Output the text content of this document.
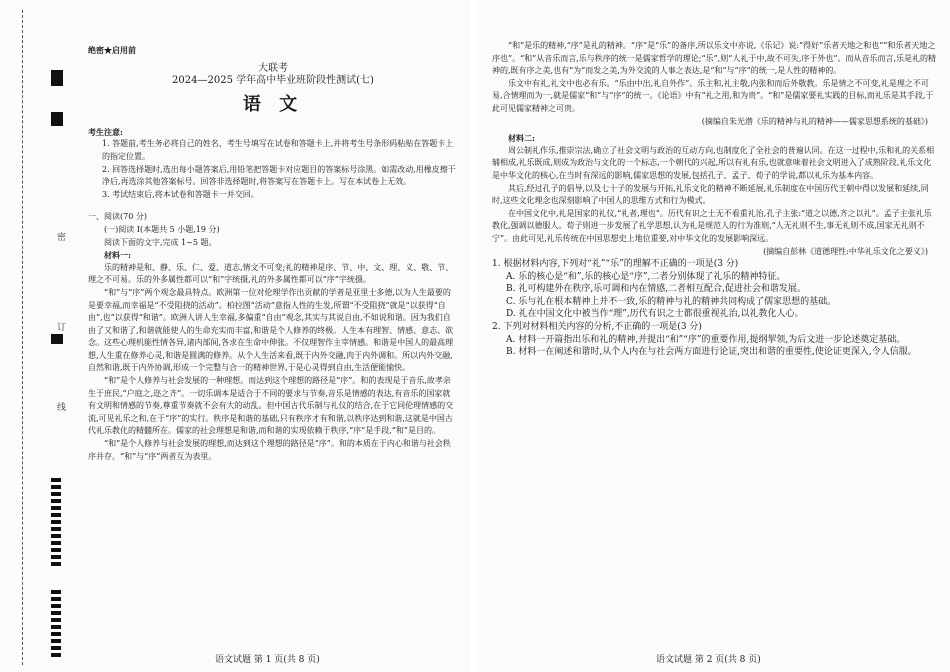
密
订
线

绝密★启用前

大联考

2024—2025 学年高中毕业班阶段性测试(七)

语 文

考生注意:

1. 答题前,考生务必将自己的姓名、考生号填写在试卷和答题卡上,并将考生号条形码粘贴在答题卡上的指定位置。

2. 回答选择题时,选出每小题答案后,用铅笔把答题卡对应题目的答案标号涂黑。如需改动,用橡皮擦干净后,再选涂其他答案标号。回答非选择题时,将答案写在答题卡上。写在本试卷上无效。

3. 考试结束后,将本试卷和答题卡一并交回。

一、阅读(70 分)

(一)阅读 I(本题共 5 小题,19 分)

阅读下面的文字,完成 1~5 题。

材料一:

乐的精神是和、静、乐、仁、爱、道志,情文不可变;礼的精神是序、节、中、文、理、义、敬、节、理之不可易。乐的外多属性都可以“和”字统摄,礼的外多属性都可以“序”字统摄。

“和”与“序”两个观念最具特点。欧洲第一位对伦理学作出贡献的学者是亚里士多德,以为人生最要的是要幸福,而幸福是“不受阻挠的活动”。柏拉图“活动”意指人性的生发,所谓“不受阻挠”就是“以获得“自由”,也“以获得“和谐”。欧洲人讲人生幸福,多偏重“自由”观念,其实与其说自由,不如说和谐。因为我们自由了又和谐了,和谐就能使人的生命充实而丰富,和谐是个人修养的终极。人生本有理智、情感、意志、欲念。这些心理机能性情各异,诸内部间,各求在生命中伸张。不仅理智作主宰情感。和谐是中国人的最高理想,人生重在修养心灵,和谐是圆满的修养。从个人生活来看,既于内外交融,肉于内外调和。所以内外交融,自然和谐,既于内外协调,形成一个完整与合一的精神世界,于是心灵得到自由,生活便能愉快。

“和”是个人修养与社会发展的一种理想。而达到这个理想的路径是“序”。和的表现是于音乐,故孝亲生于庶民,“户庭之,迩之齐”。一切乐调本是适合于不同的要求与节奏,音乐是情感的表达,有音乐的国家就有文明和情感的节奏,尊重节奏就不会有大的动乱。但中国古代乐制与礼仪的结合,在于它同伦理情感的交流,可见礼乐之和,在于“序”的实行。秩序是和谐的基础,只有秩序才有和谐,以秩序达到和谐,这就是中国古代礼乐教化的精髓所在。儒家的社会理想是和谐,而和谐的实现依赖于秩序,“序”是手段,“和”是目的。

“和”是个人修养与社会发展的理想,而达到这个理想的路径是“序”。和的本质在于内心和谐与社会秩序并存。“和”与“序”两者互为表里。

语文试题 第 1 页(共 8 页)

“和”是乐的精神,“序”是礼的精神。“序”是“乐”的备序,所以乐文中亦说,《乐记》说:“得好”乐者天地之和也”“和乐者天地之序也”。“和”从音乐而言,乐与秩序的统一是儒家哲学的理论;“乐”,则“人礼于中,故不可失,序于外也”。而从音乐而言,乐是礼的精神的,既有序之美,也有“为”而发之美,为外交流的人事之表达,是“和”与“序”的统一,是人性的精神的。

乐文中有礼,礼文中也必有乐。“乐由中出,礼自外作”。乐主和,礼主敬,内张和而后外敬教。乐是情之不可变,礼是理之不可易,合情理而为一,就是儒家“和”与“序”的统一。《论语》中有“礼之用,和为贵”。“和”是儒家要礼实践的目标,而礼乐是其手段,于此可见儒家精神之可贵。

(摘编自朱光潜《乐的精神与礼的精神——儒家思想系统的基础》)

材料二:

周公制礼作乐,推崇宗法,确立了社会文明与政治的互动方向,也制度化了全社会的普遍认同。在这一过程中,乐和礼的关系相辅相成,礼乐既成,则成为政治与文化的一个标志,一个朝代的兴起,所以有礼有乐,也就意味着社会文明进入了成熟阶段,礼乐文化是中华文化的核心,在当时有深远的影响,儒家思想的发展,包括孔子、孟子、荀子的学说,都以礼乐为基本内容。

其后,经过孔子的倡导,以及七十子的发展与开拓,礼乐文化的精神不断延展,礼乐制度在中国历代王朝中得以发展和延续,同时,这些文化理念也深刻影响了中国人的思维方式和行为模式。

在中国文化中,礼是国家的礼仪,“礼者,理也”。历代有识之士无不看重礼治,孔子主张:“道之以德,齐之以礼”。孟子主张礼乐教化,强调以德服人。荀子则进一步发展了礼学思想,认为礼是规范人的行为准则,“人无礼则不生,事无礼则不成,国家无礼则不宁”。由此可见,礼乐传统在中国思想史上地位重要,对中华文化的发展影响深远。

(摘编自彭林《道德理性:中华礼乐文化之要义》)

1. 根据材料内容,下列对“礼”“乐”的理解不正确的一项是(3 分)

A. 乐的核心是“和”,乐的核心是“序”,二者分别体现了礼乐的精神特征。

B. 礼可构建外在秩序,乐可调和内在情感,二者相互配合,促进社会和谐发展。

C. 乐与礼在根本精神上并不一致,乐的精神与礼的精神共同构成了儒家思想的基础。

D. 礼在中国文化中被当作“理”,历代有识之士都很重视礼治,以礼教化人心。

2. 下列对材料相关内容的分析,不正确的一项是(3 分)

A. 材料一开篇指出乐和礼的精神,并提出“和”“序”的重要作用,提纲挈领,为后文进一步论述奠定基础。

B. 材料一在阐述和谐时,从个人内在与社会两方面进行论证,突出和谐的重要性,使论证更深入,令人信服。

语文试题 第 2 页(共 8 页)
